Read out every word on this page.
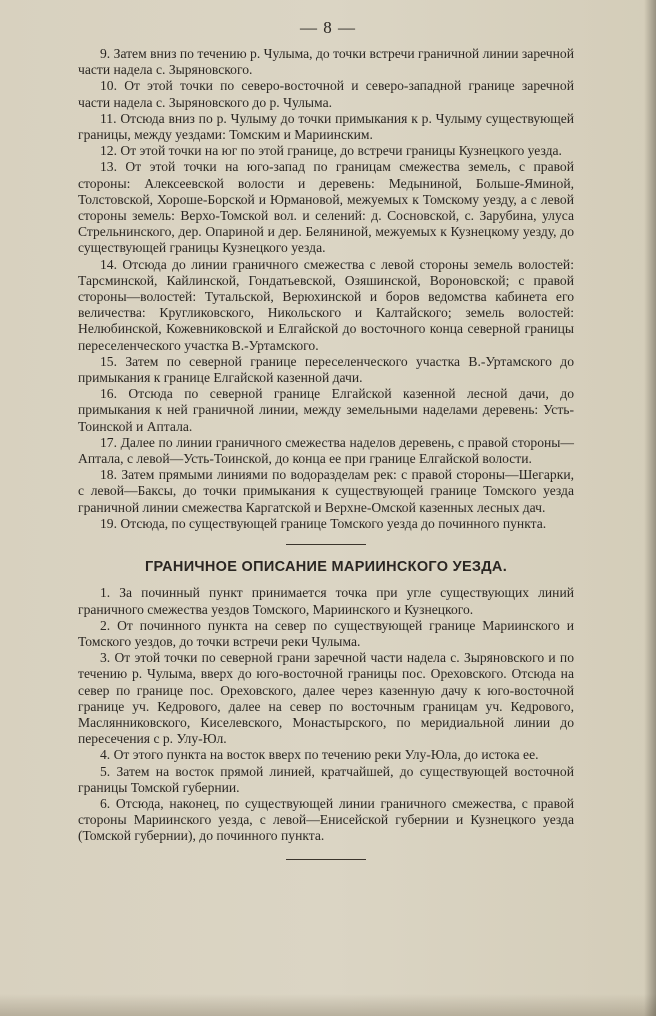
— 8 —

9. Затем вниз по течению р. Чулыма, до точки встречи граничной линии заречной части надела с. Зыряновского.

10. От этой точки по северо-восточной и северо-западной границе заречной части надела с. Зыряновского до р. Чулыма.

11. Отсюда вниз по р. Чулыму до точки примыкания к р. Чулыму существующей границы, между уездами: Томским и Мариинским.

12. От этой точки на юг по этой границе, до встречи границы Кузнецкого уезда.

13. От этой точки на юго-запад по границам смежества земель, с правой стороны: Алексеевской волости и деревень: Медыниной, Больше-Яминой, Толстовской, Хороше-Борской и Юрмановой, межуемых к Томскому уезду, а с левой стороны земель: Верхо-Томской вол. и селений: д. Сосновской, с. Зарубина, улуса Стрельнинского, дер. Опариной и дер. Беляниной, межуемых к Кузнецкому уезду, до существующей границы Кузнецкого уезда.

14. Отсюда до линии граничного смежества с левой стороны земель волостей: Тарсминской, Кайлинской, Гондатьевской, Озяшинской, Вороновской; с правой стороны—волостей: Тутальской, Верюхинской и боров ведомства кабинета его величества: Кругликовского, Никольского и Калтайского; земель волостей: Нелюбинской, Кожевниковской и Елгайской до восточного конца северной границы переселенческого участка В.-Уртамского.

15. Затем по северной границе переселенческого участка В.-Уртамского до примыкания к границе Елгайской казенной дачи.

16. Отсюда по северной границе Елгайской казенной лесной дачи, до примыкания к ней граничной линии, между земельными наделами деревень: Усть-Тоинской и Аптала.

17. Далее по линии граничного смежества наделов деревень, с правой стороны—Аптала, с левой—Усть-Тоинской, до конца ее при границе Елгайской волости.

18. Затем прямыми линиями по водоразделам рек: с правой стороны—Шегарки, с левой—Баксы, до точки примыкания к существующей границе Томского уезда граничной линии смежества Каргатской и Верхне-Омской казенных лесных дач.

19. Отсюда, по существующей границе Томского уезда до починного пункта.

ГРАНИЧНОЕ ОПИСАНИЕ МАРИИНСКОГО УЕЗДА.

1. За починный пункт принимается точка при угле существующих линий граничного смежества уездов Томского, Мариинского и Кузнецкого.

2. От починного пункта на север по существующей границе Мариинского и Томского уездов, до точки встречи реки Чулыма.

3. От этой точки по северной грани заречной части надела с. Зыряновского и по течению р. Чулыма, вверх до юго-восточной границы пос. Ореховского. Отсюда на север по границе пос. Ореховского, далее через казенную дачу к юго-восточной границе уч. Кедрового, далее на север по восточным границам уч. Кедрового, Маслянниковского, Киселевского, Монастырского, по меридиальной линии до пересечения с р. Улу-Юл.

4. От этого пункта на восток вверх по течению реки Улу-Юла, до истока ее.

5. Затем на восток прямой линией, кратчайшей, до существующей восточной границы Томской губернии.

6. Отсюда, наконец, по существующей линии граничного смежества, с правой стороны Мариинского уезда, с левой—Енисейской губернии и Кузнецкого уезда (Томской губернии), до починного пункта.
